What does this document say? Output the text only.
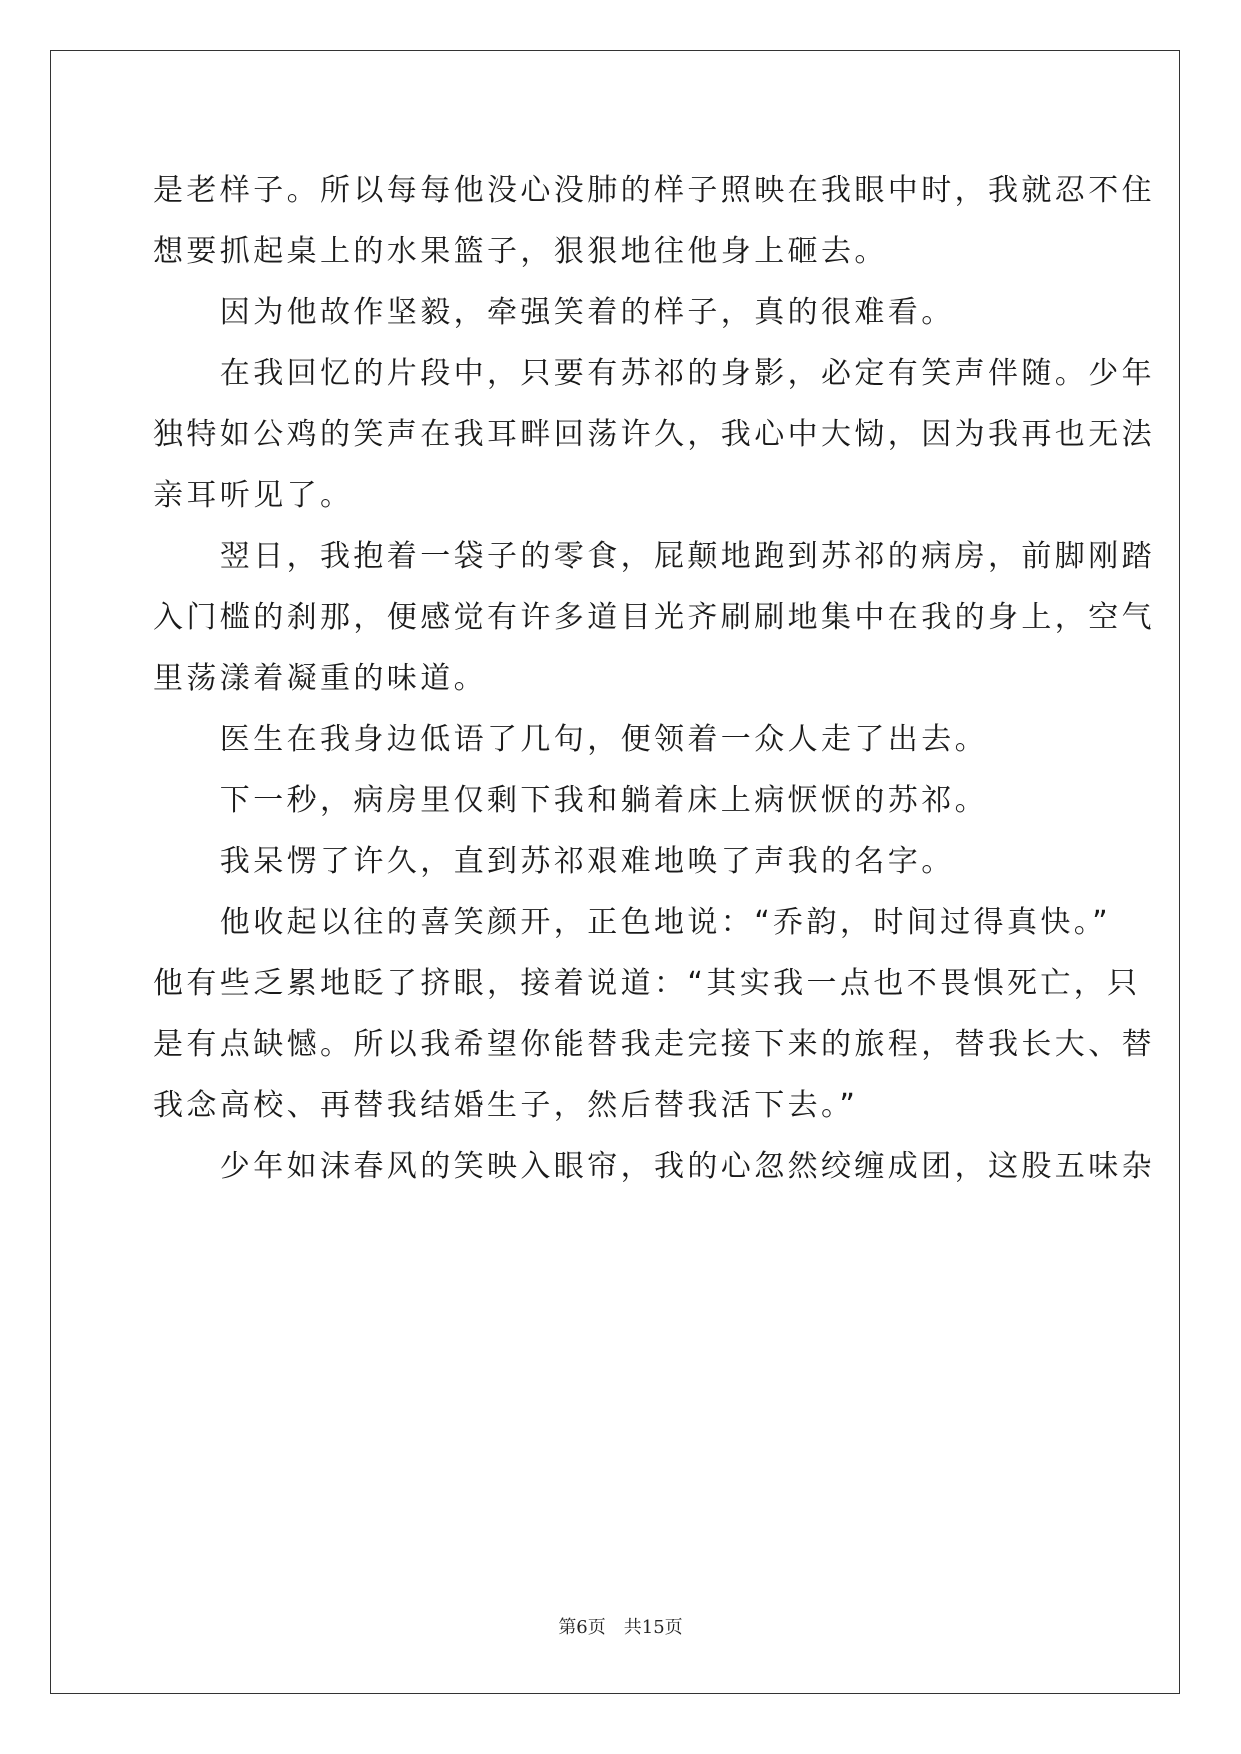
是老样子。所以每每他没心没肺的样子照映在我眼中时，我就忍不住
想要抓起桌上的水果篮子，狠狠地往他身上砸去。
　　因为他故作坚毅，牵强笑着的样子，真的很难看。
　　在我回忆的片段中，只要有苏祁的身影，必定有笑声伴随。少年
独特如公鸡的笑声在我耳畔回荡许久，我心中大恸，因为我再也无法
亲耳听见了。
　　翌日，我抱着一袋子的零食，屁颠地跑到苏祁的病房，前脚刚踏
入门槛的刹那，便感觉有许多道目光齐刷刷地集中在我的身上，空气
里荡漾着凝重的味道。
　　医生在我身边低语了几句，便领着一众人走了出去。
　　下一秒，病房里仅剩下我和躺着床上病恹恹的苏祁。
　　我呆愣了许久，直到苏祁艰难地唤了声我的名字。
　　他收起以往的喜笑颜开，正色地说：“乔韵，时间过得真快。”
他有些乏累地眨了挤眼，接着说道：“其实我一点也不畏惧死亡，只
是有点缺憾。所以我希望你能替我走完接下来的旅程，替我长大、替
我念高校、再替我结婚生子，然后替我活下去。”
　　少年如沫春风的笑映入眼帘，我的心忽然绞缠成团，这股五味杂
第6页　共15页
